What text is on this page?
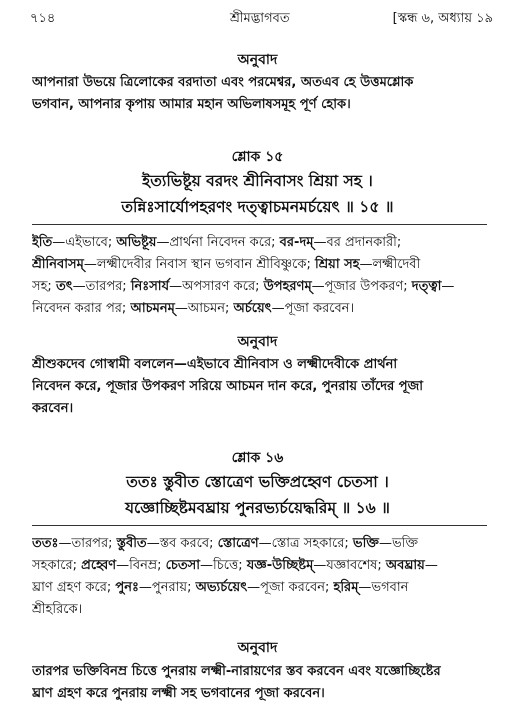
৭১৪	শ্রীমদ্ভাগবত	[স্কন্ধ ৬, অধ্যায় ১৯
অনুবাদ

আপনারা উভয়ে ত্রিলোকের বরদাতা এবং পরমেশ্বর, অতএব হে উত্তমশ্লোক
ভগবান, আপনার কৃপায় আমার মহান অভিলাষসমূহ পূর্ণ হোক।

শ্লোক ১৫
ইত্যভিষ্টূয় বরদং শ্রীনিবাসং শ্রিয়া সহ ।
তন্নিঃসার্যোপহরণং দত্ত্বাচমনমর্চয়েৎ ॥ ১৫ ॥

ইতি—এইভাবে; অভিষ্টূয়—প্রার্থনা নিবেদন করে; বর-দম্—বর প্রদানকারী;
শ্রীনিবাসম্—লক্ষ্মীদেবীর নিবাস স্থান ভগবান শ্রীবিষ্ণুকে; শ্রিয়া সহ—লক্ষ্মীদেবী
সহ; তৎ—তারপর; নিঃসার্য—অপসারণ করে; উপহরণম্—পূজার উপকরণ; দত্ত্বা—
নিবেদন করার পর; আচমনম্—আচমন; অর্চয়েৎ—পূজা করবেন।

অনুবাদ

শ্রীশুকদেব গোস্বামী বললেন—এইভাবে শ্রীনিবাস ও লক্ষ্মীদেবীকে প্রার্থনা
নিবেদন করে, পূজার উপকরণ সরিয়ে আচমন দান করে, পুনরায় তাঁদের পূজা
করবেন।

শ্লোক ১৬
ততঃ স্তুবীত স্তোত্রেণ ভক্তিপ্রহ্বেণ চেতসা ।
যজ্ঞোচ্ছিষ্টমবঘ্রায় পুনরভ্যর্চয়েদ্ধরিম্ ॥ ১৬ ॥

ততঃ—তারপর; স্তুবীত—স্তব করবে; স্তোত্রেণ—স্তোত্র সহকারে; ভক্তি—ভক্তি
সহকারে; প্রহ্বেণ—বিনম্র; চেতসা—চিত্তে; যজ্ঞ-উচ্ছিষ্টম্—যজ্ঞাবশেষ; অবঘ্রায়—
ঘ্রাণ গ্রহণ করে; পুনঃ—পুনরায়; অভ্যর্চয়েৎ—পূজা করবেন; হরিম্—ভগবান
শ্রীহরিকে।

অনুবাদ

তারপর ভক্তিবিনম্র চিত্তে পুনরায় লক্ষ্মী-নারায়ণের স্তব করবেন এবং যজ্ঞোচ্ছিষ্টের
ঘ্রাণ গ্রহণ করে পুনরায় লক্ষ্মী সহ ভগবানের পূজা করবেন।
